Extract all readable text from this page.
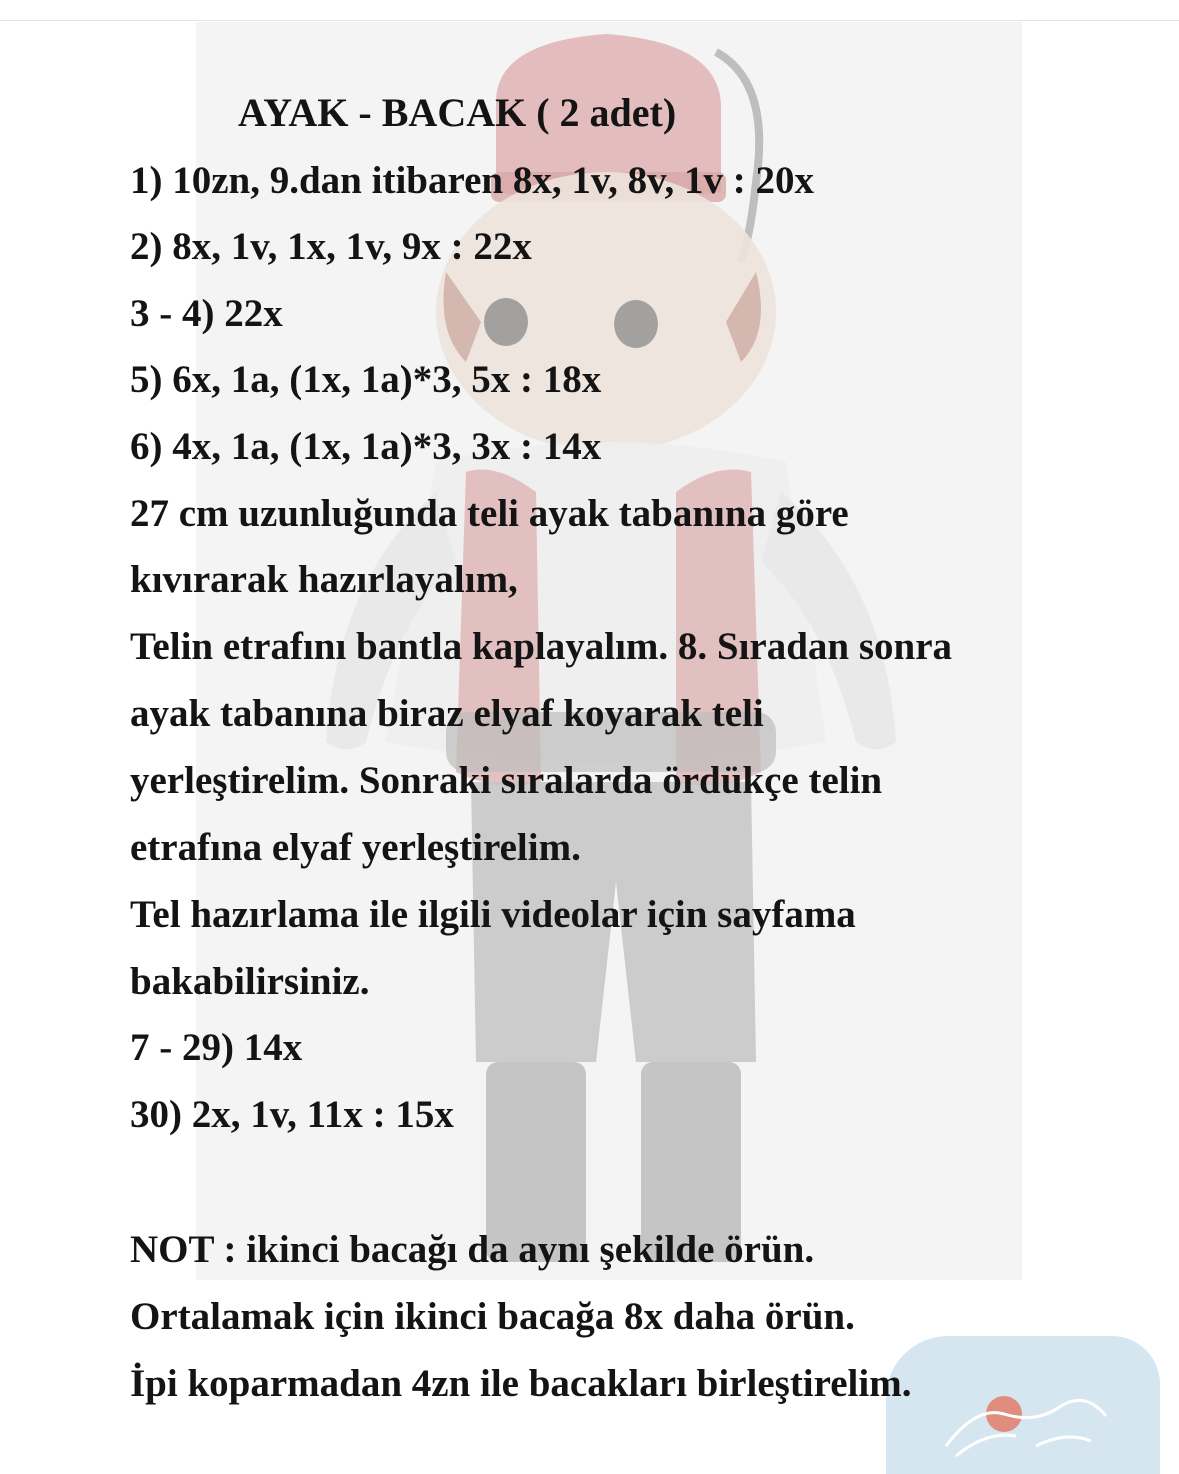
AYAK - BACAK ( 2 adet)
1) 10zn, 9.dan itibaren 8x, 1v, 8v, 1v : 20x
2) 8x, 1v, 1x, 1v, 9x : 22x
3 - 4) 22x
5) 6x, 1a, (1x, 1a)*3, 5x : 18x
6) 4x, 1a, (1x, 1a)*3, 3x : 14x
27 cm uzunluğunda teli ayak tabanına göre
kıvırarak hazırlayalım,
Telin etrafını bantla kaplayalım. 8. Sıradan sonra
ayak tabanına biraz elyaf koyarak teli
yerleştirelim. Sonraki sıralarda ördükçe telin
etrafına elyaf yerleştirelim.
Tel hazırlama ile ilgili videolar için sayfama
bakabilirsiniz.
7 - 29) 14x
30) 2x, 1v, 11x : 15x
NOT : ikinci bacağı da aynı şekilde örün.
Ortalamak için ikinci bacağa 8x daha örün.
İpi koparmadan 4zn ile bacakları birleştirelim.
